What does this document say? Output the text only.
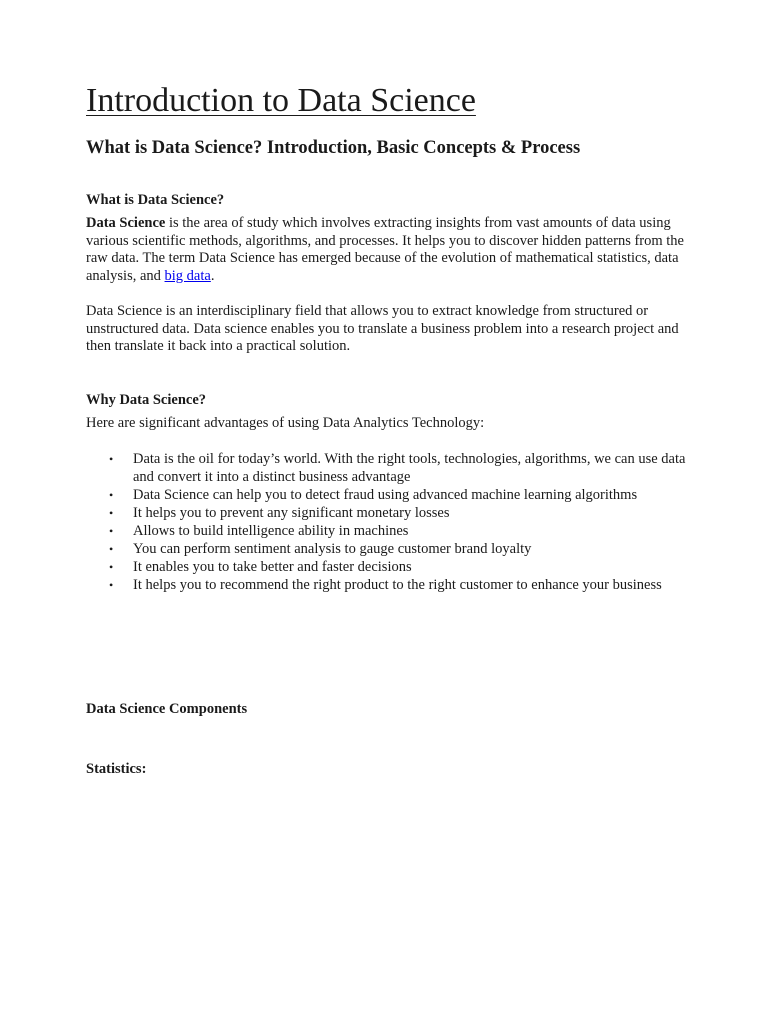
Introduction to Data Science
What is Data Science? Introduction, Basic Concepts & Process
What is Data Science?

Data Science is the area of study which involves extracting insights from vast amounts of data using various scientific methods, algorithms, and processes. It helps you to discover hidden patterns from the raw data. The term Data Science has emerged because of the evolution of mathematical statistics, data analysis, and big data.

Data Science is an interdisciplinary field that allows you to extract knowledge from structured or unstructured data. Data science enables you to translate a business problem into a research project and then translate it back into a practical solution.

Why Data Science?

Here are significant advantages of using Data Analytics Technology:

• Data is the oil for today’s world. With the right tools, technologies, algorithms, we can use data and convert it into a distinct business advantage
• Data Science can help you to detect fraud using advanced machine learning algorithms
• It helps you to prevent any significant monetary losses
• Allows to build intelligence ability in machines
• You can perform sentiment analysis to gauge customer brand loyalty
• It enables you to take better and faster decisions
• It helps you to recommend the right product to the right customer to enhance your business
Data Science Components
Statistics:
